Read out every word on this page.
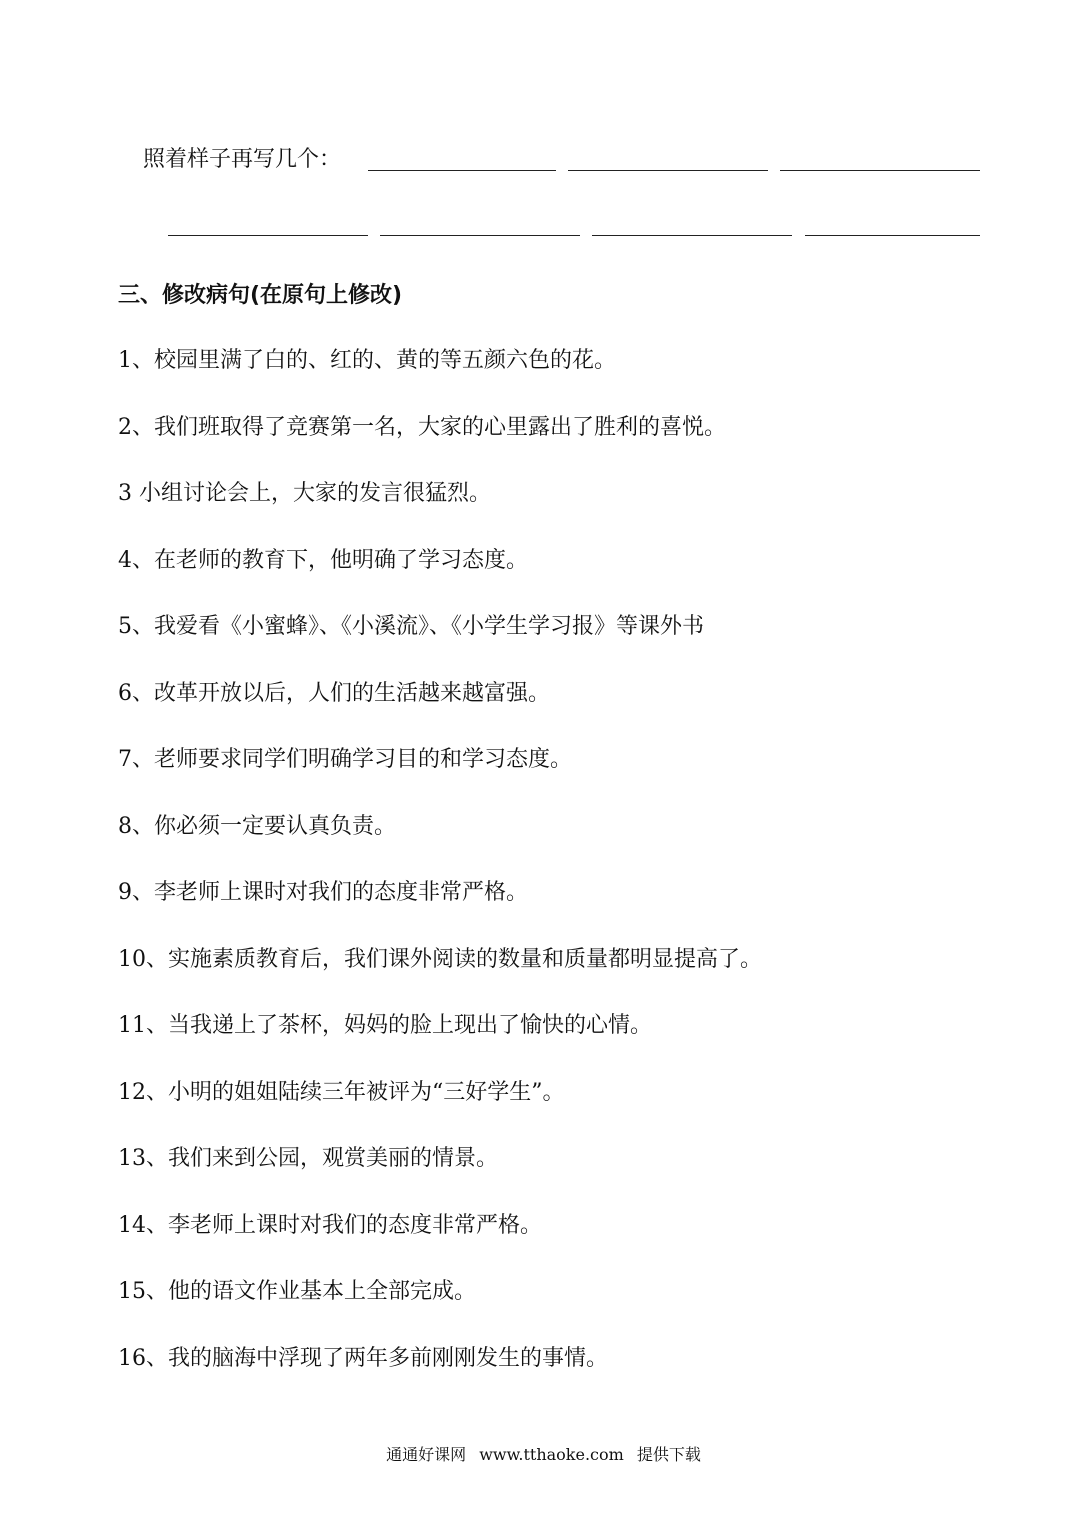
照着样子再写几个：
三、修改病句(在原句上修改)
1、校园里满了白的、红的、黄的等五颜六色的花。
2、我们班取得了竞赛第一名，大家的心里露出了胜利的喜悦。
3 小组讨论会上，大家的发言很猛烈。
4、在老师的教育下，他明确了学习态度。
5、我爱看《小蜜蜂》、《小溪流》、《小学生学习报》等课外书
6、改革开放以后，人们的生活越来越富强。
7、老师要求同学们明确学习目的和学习态度。
8、你必须一定要认真负责。
9、李老师上课时对我们的态度非常严格。
10、实施素质教育后，我们课外阅读的数量和质量都明显提高了。
11、当我递上了茶杯，妈妈的脸上现出了愉快的心情。
12、小明的姐姐陆续三年被评为“三好学生”。
13、我们来到公园，观赏美丽的情景。
14、李老师上课时对我们的态度非常严格。
15、他的语文作业基本上全部完成。
16、我的脑海中浮现了两年多前刚刚发生的事情。
通通好课网 www.tthaoke.com 提供下载
